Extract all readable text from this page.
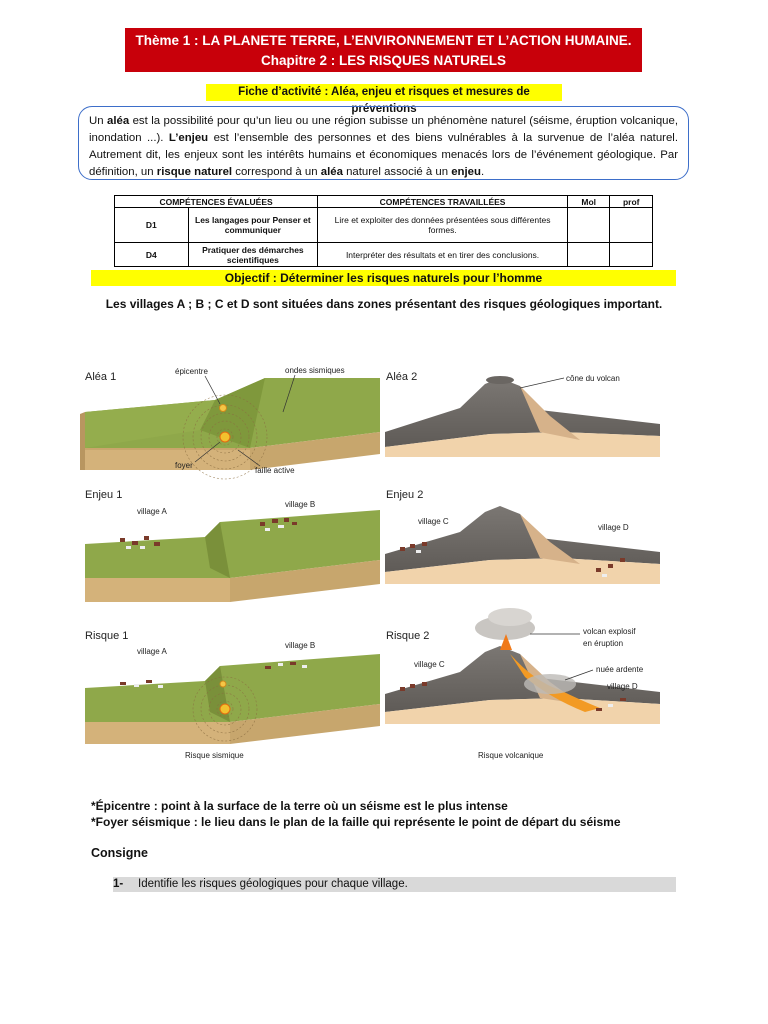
Thème 1 : LA PLANETE TERRE, L’ENVIRONNEMENT ET L’ACTION HUMAINE.
Chapitre 2 : LES RISQUES NATURELS
Fiche d’activité : Aléa, enjeu et risques et mesures de préventions
Un aléa est la possibilité pour qu’un lieu ou une région subisse un phénomène naturel (séisme, éruption volcanique, inondation ...). L’enjeu est l’ensemble des personnes et des biens vulnérables à la survenue de l’aléa naturel. Autrement dit, les enjeux sont les intérêts humains et économiques menacés lors de l’événement géologique. Par définition, un risque naturel correspond à un aléa naturel associé à un enjeu.
COMPÉTENCES ÉVALUÉES		COMPÉTENCES TRAVAILLÉES	Mol	prof
D1	Les langages pour Penser et communiquer	Lire et exploiter des données présentées sous différentes formes.		
D4	Pratiquer des démarches scientifiques	Interpréter des résultats et en tirer des conclusions.		
Objectif : Déterminer les risques naturels pour l’homme
Les villages A ; B ; C et D sont situées dans zones présentant des risques géologiques important.
Aléa 1	épicentre	ondes sismiques
foyer
faille active
Aléa 2	cône du volcan
Enjeu 1
village A
village B
Enjeu 2
village C
village D
Risque 1
village A
village B
Risque sismique
Risque 2
village C
volcan explosif
en éruption
nuée ardente
village D
Risque volcanique
*Épicentre : point à la surface de la terre où un séisme est le plus intense
*Foyer séismique : le lieu dans le plan de la faille qui représente le point de départ du séisme
Consigne
1- Identifie les risques géologiques pour chaque village.
